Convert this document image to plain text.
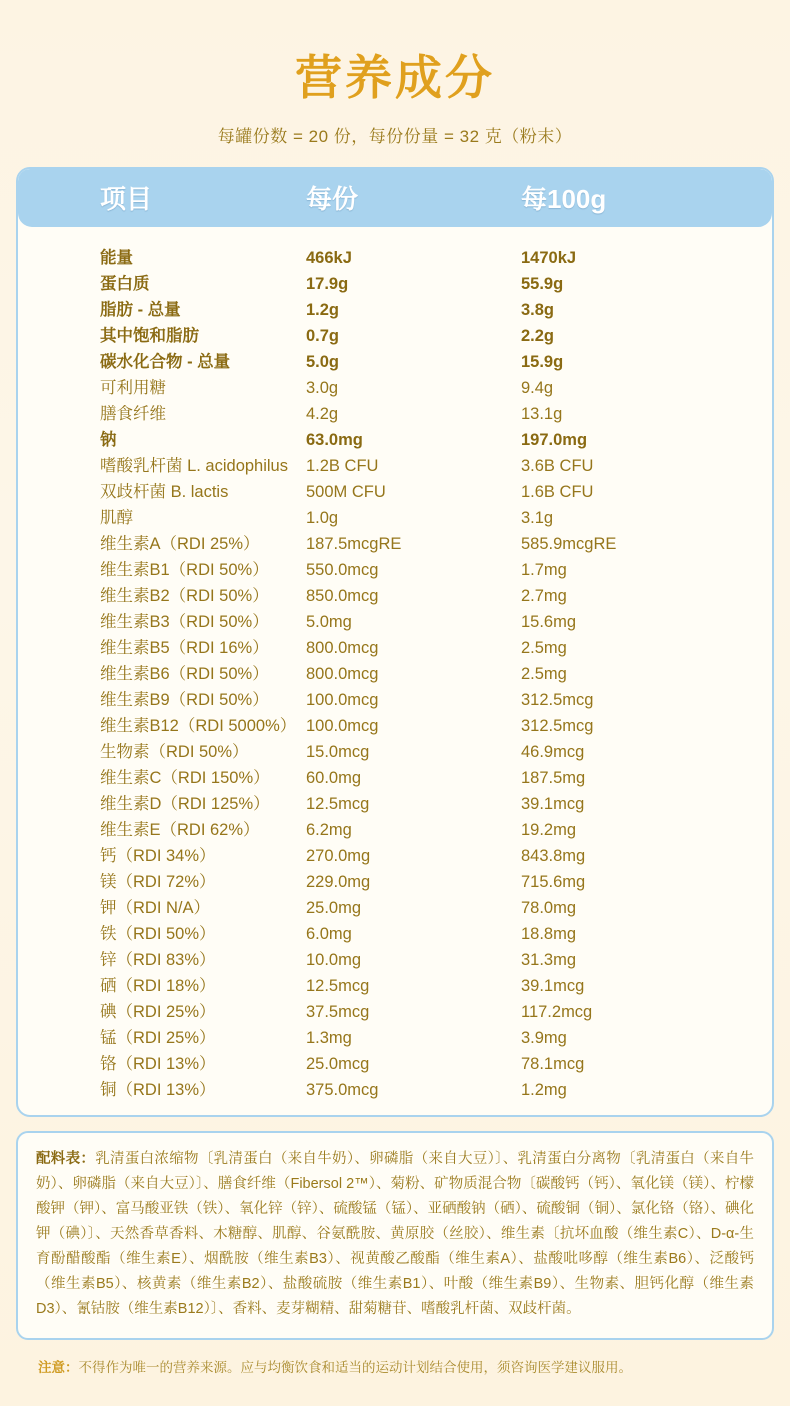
营养成分
每罐份数 = 20 份，每份份量 = 32 克（粉末）
项目	每份	每100g
能量	466kJ	1470kJ
蛋白质	17.9g	55.9g
脂肪 - 总量	1.2g	3.8g
其中饱和脂肪	0.7g	2.2g
碳水化合物 - 总量	5.0g	15.9g
可利用糖	3.0g	9.4g
膳食纤维	4.2g	13.1g
钠	63.0mg	197.0mg
嗜酸乳杆菌 L. acidophilus	1.2B CFU	3.6B CFU
双歧杆菌 B. lactis	500M CFU	1.6B CFU
肌醇	1.0g	3.1g
维生素A（RDI 25%）	187.5mcgRE	585.9mcgRE
维生素B1（RDI 50%）	550.0mcg	1.7mg
维生素B2（RDI 50%）	850.0mcg	2.7mg
维生素B3（RDI 50%）	5.0mg	15.6mg
维生素B5（RDI 16%）	800.0mcg	2.5mg
维生素B6（RDI 50%）	800.0mcg	2.5mg
维生素B9（RDI 50%）	100.0mcg	312.5mcg
维生素B12（RDI 5000%） 100.0mcg	312.5mcg
生物素（RDI 50%）	15.0mcg	46.9mcg
维生素C（RDI 150%）	60.0mg	187.5mg
维生素D（RDI 125%）	12.5mcg	39.1mcg
维生素E（RDI 62%）	6.2mg	19.2mg
钙（RDI 34%）	270.0mg	843.8mg
镁（RDI 72%）	229.0mg	715.6mg
钾（RDI N/A）	25.0mg	78.0mg
铁（RDI 50%）	6.0mg	18.8mg
锌（RDI 83%）	10.0mg	31.3mg
硒（RDI 18%）	12.5mcg	39.1mcg
碘（RDI 25%）	37.5mcg	117.2mcg
锰（RDI 25%）	1.3mg	3.9mg
铬（RDI 13%）	25.0mcg	78.1mcg
铜（RDI 13%）	375.0mcg	1.2mg

配料表：乳清蛋白浓缩物〔乳清蛋白（来自牛奶）、卵磷脂（来自大豆）〕、乳清蛋白分离物〔乳清蛋白（来自牛奶）、卵磷脂（来自大豆）〕、膳食纤维（Fibersol 2™）、菊粉、矿物质混合物〔碳酸钙（钙）、氧化镁（镁）、柠檬酸钾（钾）、富马酸亚铁（铁）、氧化锌（锌）、硫酸锰（锰）、亚硒酸钠（硒）、硫酸铜（铜）、氯化铬（铬）、碘化钾（碘）〕、天然香草香料、木糖醇、肌醇、谷氨酰胺、黄原胶（丝胶）、维生素〔抗坏血酸（维生素C）、D-α-生育酚醋酸酯（维生素E）、烟酰胺（维生素B3）、视黄酸乙酸酯（维生素A）、盐酸吡哆醇（维生素B6）、泛酸钙（维生素B5）、核黄素（维生素B2）、盐酸硫胺（维生素B1）、叶酸（维生素B9）、生物素、胆钙化醇（维生素D3）、氰钴胺（维生素B12）〕、香料、麦芽糊精、甜菊糖苷、嗜酸乳杆菌、双歧杆菌。

注意：不得作为唯一的营养来源。应与均衡饮食和适当的运动计划结合使用，须咨询医学建议服用。
